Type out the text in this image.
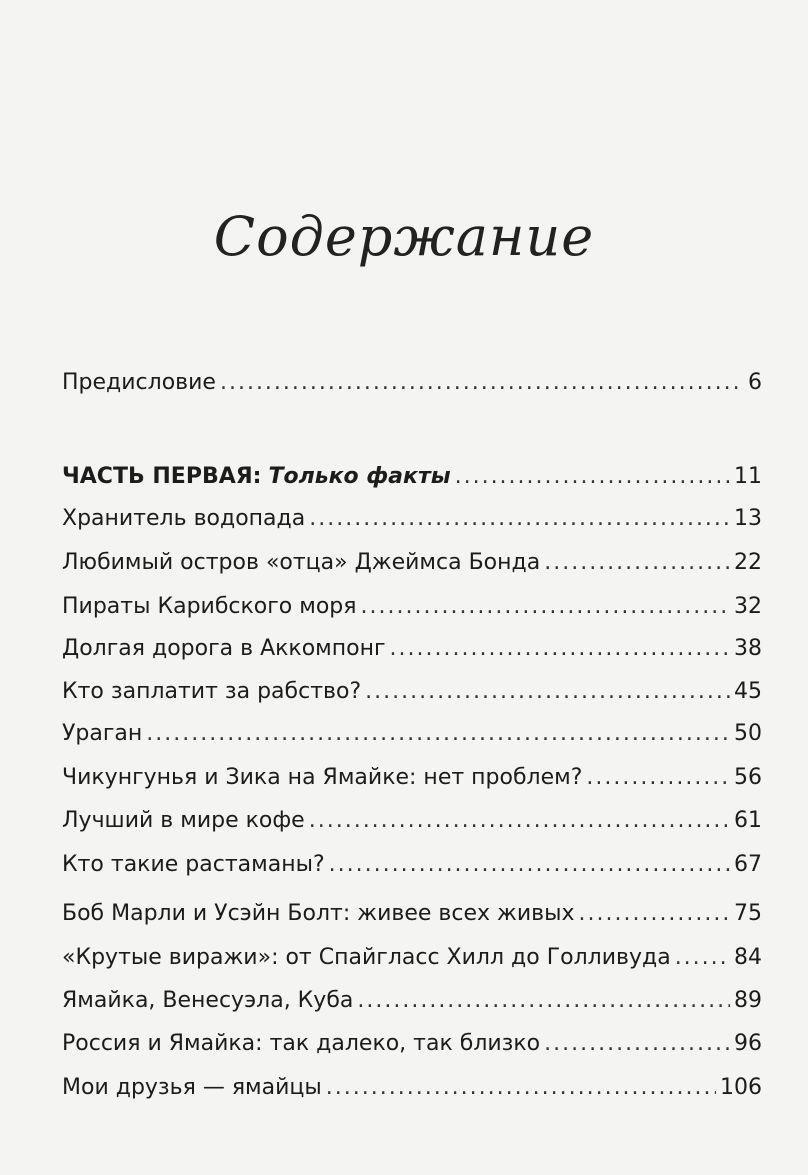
Содержание
Предисловие .....	6
ЧАСТЬ ПЕРВАЯ: Только факты .....	11
Хранитель водопада .....	13
Любимый остров «отца» Джеймса Бонда .....	22
Пираты Карибского моря .....	32
Долгая дорога в Аккомпонг .....	38
Кто заплатит за рабство? .....	45
Ураган .....	50
Чикунгунья и Зика на Ямайке: нет проблем? .....	56
Лучший в мире кофе .....	61
Кто такие растаманы? .....	67
Боб Марли и Усэйн Болт: живее всех живых .....	75
«Крутые виражи»: от Спайгласс Хилл до Голливуда .....	84
Ямайка, Венесуэла, Куба .....	89
Россия и Ямайка: так далеко, так близко .....	96
Мои друзья — ямайцы .....	106
